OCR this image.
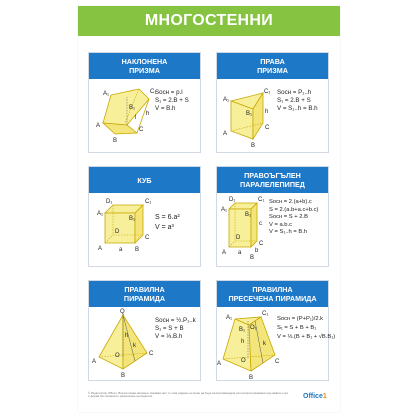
МНОГОСТЕННИ
НАКЛОНЕНА
ПРИЗМА
A₁	C₁
B₁
h
l
A
C
B
Sосн = p.l
S₁ = 2.B + S
V = B.h
ПРАВА
ПРИЗМА
A₁
C₁
B₁ h
A
C
B
Sосн = P₁..h
S₁ = 2.B + S
V = S₁..h = B.h
КУБ
D₁	C₁
A₁
B₁
D
C
A	B
a
S = 6.a²
V = a³
ПРАВОЪГЪЛЕН
ПАРАЛЕЛЕПИПЕД
D₁	C₁
A₁
B₁
c
D
C
A a b
B
Sосн = 2.(a+b).c
S = 2.(a.b+a.c+b.c)
Sосн = S + 2.B
V = a.b.c
V = S₁..h = B.h
ПРАВИЛНА
ПИРАМИДА
Q
h
k
O
A
C
B
Sосн = ½.P₁..k
S₁ = S + B
V = ⅓.B.h
ПРАВИЛНА
ПРЕСЕЧЕНА ПИРАМИДА
A₁
C₁
B₁ O₁
h	k
O
A	C
B
Sосн = (P+P₁)/2.k
S₁ = S + B + B₁
V = ⅓.(B + B₁ + √B.B₁)
© Издателство Office1. Всички права запазени. Никаква част от това издание не може да бъде възпроизвеждана или разпространявана под каквато и да е форма без писменото разрешение на издателя.	Office1
